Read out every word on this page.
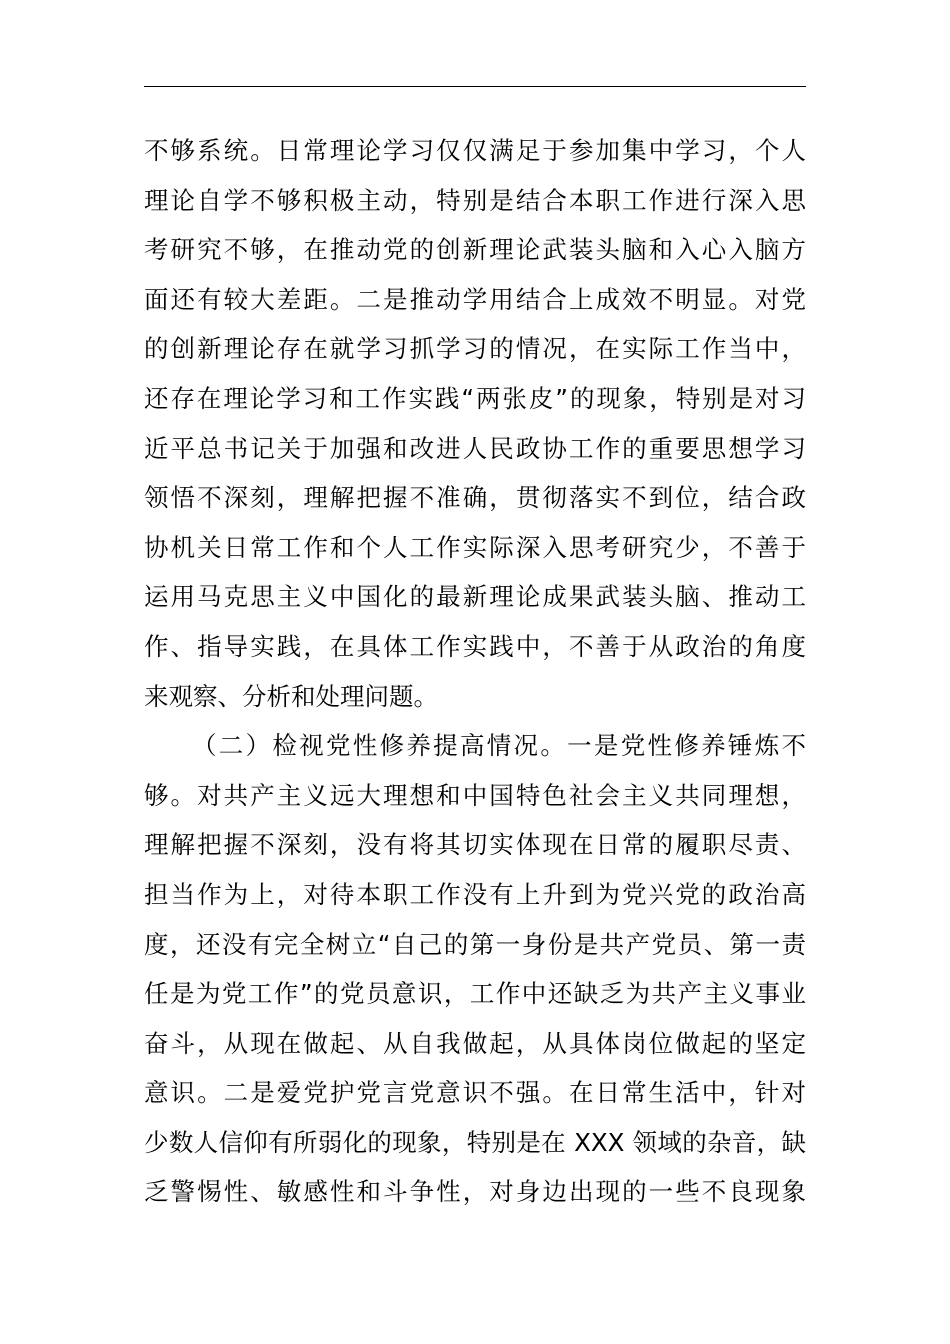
不够系统。日常理论学习仅仅满足于参加集中学习，个人
理论自学不够积极主动，特别是结合本职工作进行深入思
考研究不够，在推动党的创新理论武装头脑和入心入脑方
面还有较大差距。二是推动学用结合上成效不明显。对党
的创新理论存在就学习抓学习的情况，在实际工作当中，
还存在理论学习和工作实践“两张皮”的现象，特别是对习
近平总书记关于加强和改进人民政协工作的重要思想学习
领悟不深刻，理解把握不准确，贯彻落实不到位，结合政
协机关日常工作和个人工作实际深入思考研究少，不善于
运用马克思主义中国化的最新理论成果武装头脑、推动工
作、指导实践，在具体工作实践中，不善于从政治的角度
来观察、分析和处理问题。
（二）检视党性修养提高情况。一是党性修养锤炼不
够。对共产主义远大理想和中国特色社会主义共同理想，
理解把握不深刻，没有将其切实体现在日常的履职尽责、
担当作为上，对待本职工作没有上升到为党兴党的政治高
度，还没有完全树立“自己的第一身份是共产党员、第一责
任是为党工作”的党员意识，工作中还缺乏为共产主义事业
奋斗，从现在做起、从自我做起，从具体岗位做起的坚定
意识。二是爱党护党言党意识不强。在日常生活中，针对
少数人信仰有所弱化的现象，特别是在 XXX 领域的杂音，缺
乏警惕性、敏感性和斗争性，对身边出现的一些不良现象
